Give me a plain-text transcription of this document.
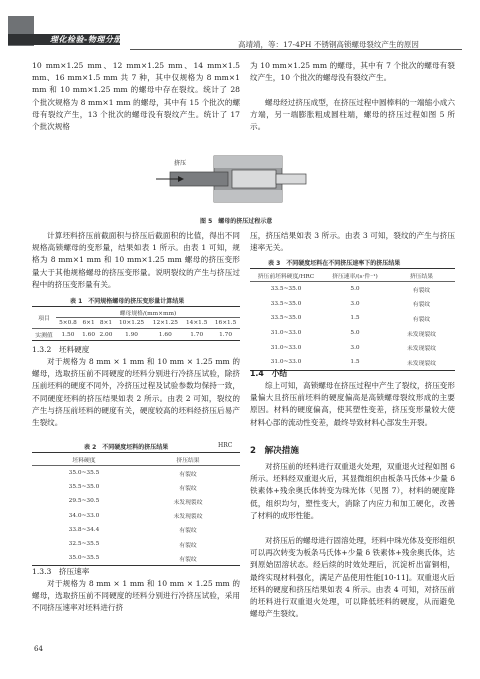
理化检验-物理分册
高靖靖，等：17-4PH 不锈钢高锁螺母裂纹产生的原因
10 mm×1.25 mm、12 mm×1.25 mm、14 mm×1.5 mm、16 mm×1.5 mm 共 7 种，其中仅规格为 8 mm×1 mm 和 10 mm×1.25 mm 的螺母中存在裂纹。统计了 28 个批次规格为 8 mm×1 mm 的螺母，其中有 15 个批次的螺母有裂纹产生，13 个批次的螺母没有裂纹产生。统计了 17 个批次规格
为 10 mm×1.25 mm 的螺母，其中有 7 个批次的螺母有裂纹产生，10 个批次的螺母没有裂纹产生。
螺母经过挤压成型，在挤压过程中圆棒料的一端缩小成六方端，另一端膨胀粗成圆柱端，螺母的挤压过程如图 5 所示。
挤压
图 5　螺母的挤压过程示意
计算坯料挤压前截面积与挤压后截面积的比值，得出不同规格高锁螺母的变形量，结果如表 1 所示。由表 1 可知，规格为 8 mm×1 mm 和 10 mm×1.25 mm 螺母的挤压变形量大于其他规格螺母的挤压变形量。说明裂纹的产生与挤压过程中的挤压变形量有关。
压，挤压结果如表 3 所示。由表 3 可知，裂纹的产生与挤压速率无关。
表 1　不同规格螺母的挤压变形量计算结果
项目	螺母规格/(mm×mm)						
	5×0.8	6×1	8×1	10×1.25	12×1.25	14×1.5	16×1.5
实测值	1.50	1.60	2.00	1.90	1.60	1.70	1.70
1.3.2　坯料硬度
对于规格为 8 mm × 1 mm 和 10 mm × 1.25 mm 的螺母，选取挤压前不同硬度的坯料分别进行冷挤压试验，除挤压前坯料的硬度不同外，冷挤压过程及试验参数均保持一致，不同硬度坯料的挤压结果如表 2 所示。由表 2 可知，裂纹的产生与挤压前坯料的硬度有关，硬度较高的坯料经挤压后易产生裂纹。
表 2　不同硬度坯料的挤压结果	HRC
坯料硬度	挤压结果
35.0~35.5	有裂纹
35.5~35.0	有裂纹
29.5~30.5	未发现裂纹
34.0~33.0	未发现裂纹
33.8~34.4	有裂纹
32.5~35.5	有裂纹
35.0~35.5	有裂纹
1.3.3　挤压速率
对于规格为 8 mm × 1 mm 和 10 mm × 1.25 mm 的螺母，选取挤压前不同硬度的坯料分别进行冷挤压试验，采用不同挤压速率对坯料进行挤
64
表 3　不同硬度坯料在不同挤压速率下的挤压结果
挤压前坯料硬度/HRC	挤压速率/(s·件⁻¹)	挤压结果
33.5~35.0	5.0	有裂纹
33.5~35.0	3.0	有裂纹
33.5~35.0	1.5	有裂纹
31.0~33.0	5.0	未发现裂纹
31.0~33.0	3.0	未发现裂纹
31.0~33.0	1.5	未发现裂纹
1.4　小结
综上可知，高锁螺母在挤压过程中产生了裂纹，挤压变形量偏大且挤压前坯料的硬度偏高是高锁螺母裂纹形成的主要原因。材料的硬度偏高，使其塑性变差，挤压变形量较大使材料心部的流动性变差，最终导致材料心部发生开裂。
2　解决措施
对挤压前的坯料进行双重退火处理，双重退火过程如图 6 所示。坯料经双重退火后，其显微组织由板条马氏体+少量 δ 铁素体+残余奥氏体转变为珠光体（见图 7），材料的硬度降低，组织均匀，塑性变大，消除了内应力和加工硬化，改善了材料的成形性能。
对挤压后的螺母进行固溶处理，坯料中珠光体及变形组织可以再次转变为板条马氏体+少量 δ 铁素体+残余奥氏体，达到原始固溶状态。经后续的时效处理后，沉淀析出富铜相，最终实现材料强化，满足产品使用性能[10-11]。双重退火后坯料的硬度和挤压结果如表 4 所示。由表 4 可知，对挤压前的坯料进行双重退火处理，可以降低坯料的硬度，从而避免螺母产生裂纹。
